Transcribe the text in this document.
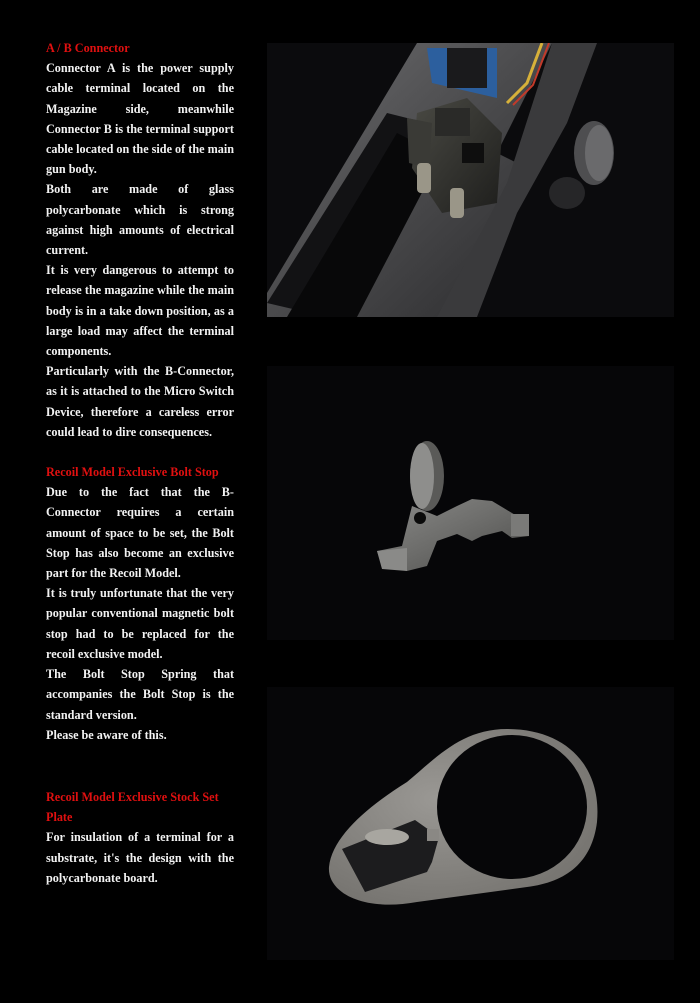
A / B Connector

Connector A is the power supply cable terminal located on the Magazine side, meanwhile Connector B is the terminal support cable located on the side of the main gun body.

Both are made of glass polycarbonate which is strong against high amounts of electrical current.

It is very dangerous to attempt to release the magazine while the main body is in a take down position, as a large load may affect the terminal components.

Particularly with the B-Connector, as it is attached to the Micro Switch Device, therefore a careless error could lead to dire consequences.

Recoil Model Exclusive Bolt Stop

Due to the fact that the B-Connector requires a certain amount of space to be set, the Bolt Stop has also become an exclusive part for the Recoil Model.

It is truly unfortunate that the very popular conventional magnetic bolt stop had to be replaced for the recoil exclusive model.

The Bolt Stop Spring that accompanies the Bolt Stop is the standard version.

Please be aware of this.

Recoil Model Exclusive Stock Set Plate

For insulation of a terminal for a substrate, it's the design with the polycarbonate board.
